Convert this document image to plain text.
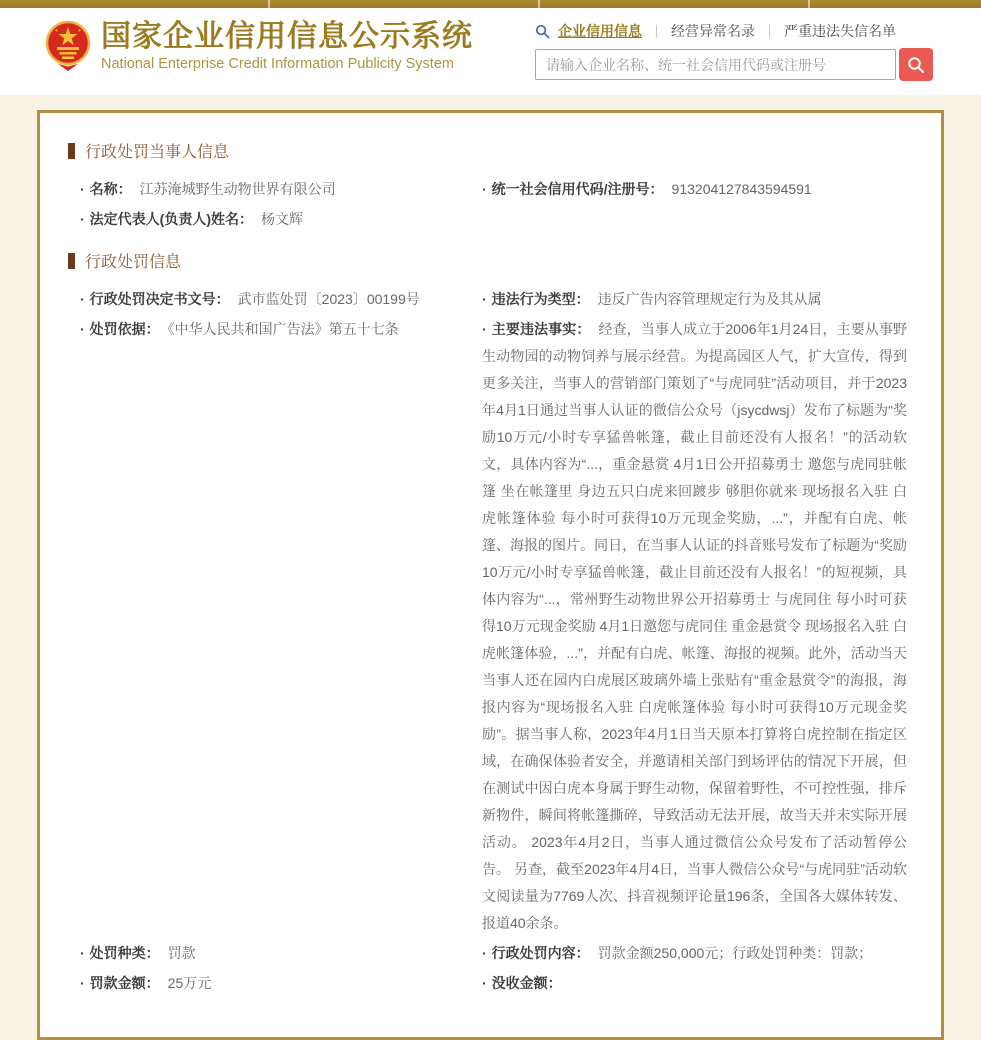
国家企业信用信息公示系统
National Enterprise Credit Information Publicity System
企业信用信息 经营异常名录 严重违法失信名单
请输入企业名称、统一社会信用代码或注册号
行政处罚当事人信息
· 名称： 江苏淹城野生动物世界有限公司	· 统一社会信用代码/注册号： 913204127843594591
· 法定代表人(负责人)姓名： 杨文辉
行政处罚信息
· 行政处罚决定书文号： 武市监处罚〔2023〕00199号	· 违法行为类型： 违反广告内容管理规定行为及其从属
· 处罚依据： 《中华人民共和国广告法》第五十七条	· 主要违法事实： 经查，当事人成立于2006年1月24日，主要从事野生动物园的动物饲养与展示经营。为提高园区人气，扩大宣传，得到更多关注，当事人的营销部门策划了“与虎同驻”活动项目，并于2023年4月1日通过当事人认证的微信公众号（jsycdwsj）发布了标题为“奖励10万元/小时专享猛兽帐篷，截止目前还没有人报名！”的活动软文，具体内容为“...，重金悬赏 4月1日公开招募勇士 邀您与虎同驻帐篷 坐在帐篷里 身边五只白虎来回踱步 够胆你就来 现场报名入驻 白虎帐篷体验 每小时可获得10万元现金奖励，...”，并配有白虎、帐篷、海报的图片。同日，在当事人认证的抖音账号发布了标题为“奖励10万元/小时专享猛兽帐篷，截止目前还没有人报名！”的短视频，具体内容为“...，常州野生动物世界公开招募勇士 与虎同住 每小时可获得10万元现金奖励 4月1日邀您与虎同住 重金悬赏令 现场报名入驻 白虎帐篷体验，...”，并配有白虎、帐篷、海报的视频。此外，活动当天当事人还在园内白虎展区玻璃外墙上张贴有“重金悬赏令”的海报，海报内容为“现场报名入驻 白虎帐篷体验 每小时可获得10万元现金奖励”。据当事人称，2023年4月1日当天原本打算将白虎控制在指定区域，在确保体验者安全，并邀请相关部门到场评估的情况下开展，但在测试中因白虎本身属于野生动物，保留着野性，不可控性强，排斥新物件，瞬间将帐篷撕碎，导致活动无法开展，故当天并未实际开展活动。 2023年4月2日，当事人通过微信公众号发布了活动暂停公告。 另查，截至2023年4月4日，当事人微信公众号“与虎同驻”活动软文阅读量为7769人次、抖音视频评论量196条，全国各大媒体转发、报道40余条。
· 处罚种类： 罚款	· 行政处罚内容： 罚款金额250,000元；行政处罚种类：罚款；
· 罚款金额： 25万元	· 没收金额：
